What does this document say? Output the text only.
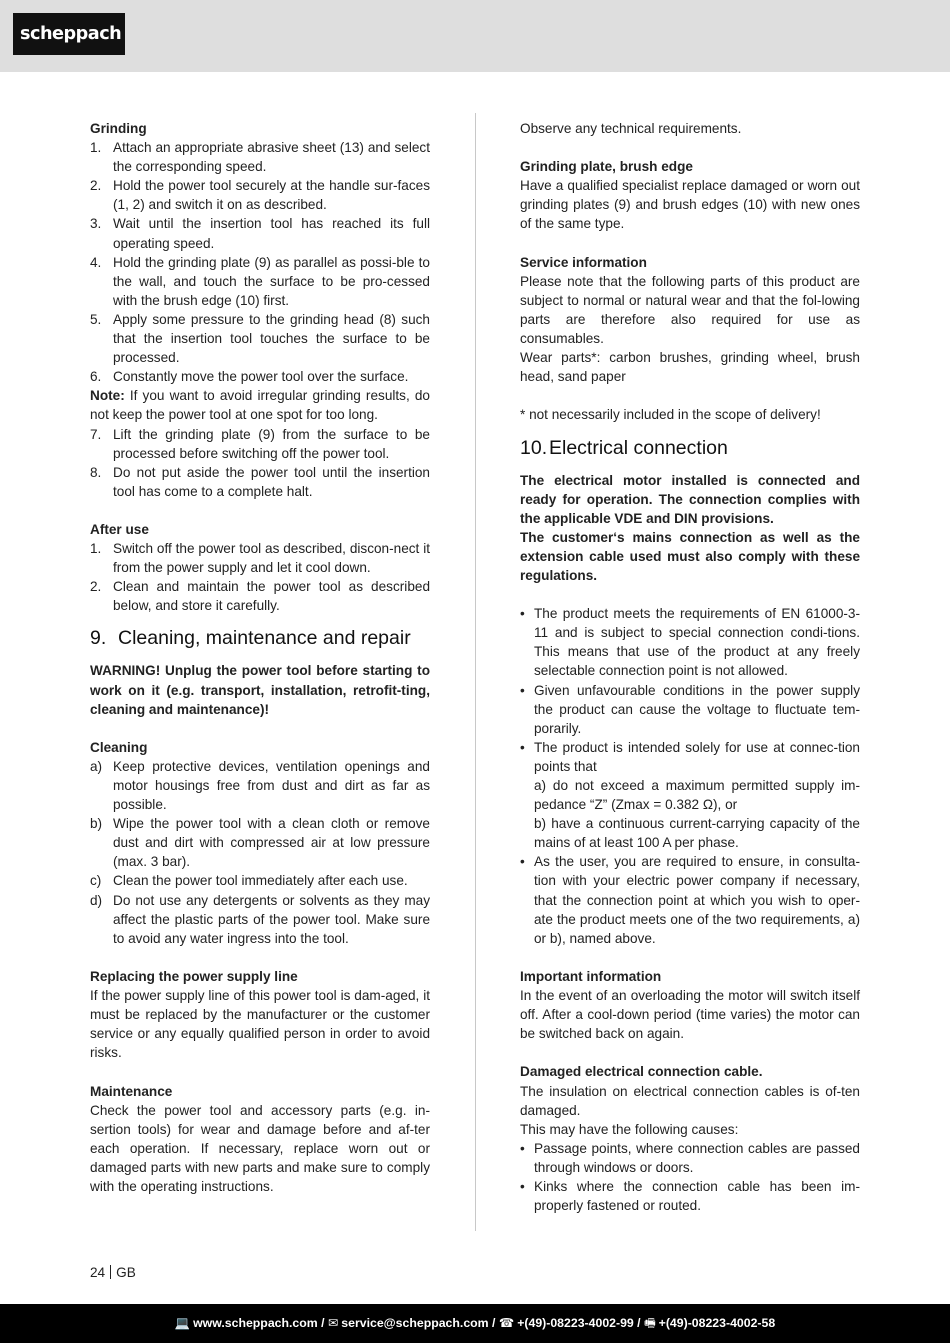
scheppach

Grinding

1. Attach an appropriate abrasive sheet (13) and select the corresponding speed.
2. Hold the power tool securely at the handle sur-faces (1, 2) and switch it on as described.
3. Wait until the insertion tool has reached its full operating speed.
4. Hold the grinding plate (9) as parallel as possi-ble to the wall, and touch the surface to be pro-cessed with the brush edge (10) first.
5. Apply some pressure to the grinding head (8) such that the insertion tool touches the surface to be processed.
6. Constantly move the power tool over the surface.

Note: If you want to avoid irregular grinding results, do not keep the power tool at one spot for too long.

7. Lift the grinding plate (9) from the surface to be processed before switching off the power tool.
8. Do not put aside the power tool until the insertion tool has come to a complete halt.

After use

1. Switch off the power tool as described, discon-nect it from the power supply and let it cool down.
2. Clean and maintain the power tool as described below, and store it carefully.

9. Cleaning, maintenance and repair

WARNING! Unplug the power tool before starting to work on it (e.g. transport, installation, retrofit-ting, cleaning and maintenance)!

Cleaning

a) Keep protective devices, ventilation openings and motor housings free from dust and dirt as far as possible.
b) Wipe the power tool with a clean cloth or remove dust and dirt with compressed air at low pressure (max. 3 bar).
c) Clean the power tool immediately after each use.
d) Do not use any detergents or solvents as they may affect the plastic parts of the power tool. Make sure to avoid any water ingress into the tool.

Replacing the power supply line

If the power supply line of this power tool is dam-aged, it must be replaced by the manufacturer or the customer service or any equally qualified person in order to avoid risks.

Maintenance

Check the power tool and accessory parts (e.g. in-sertion tools) for wear and damage before and af-ter each operation. If necessary, replace worn out or damaged parts with new parts and make sure to comply with the operating instructions.

Observe any technical requirements.

Grinding plate, brush edge

Have a qualified specialist replace damaged or worn out grinding plates (9) and brush edges (10) with new ones of the same type.

Service information

Please note that the following parts of this product are subject to normal or natural wear and that the fol-lowing parts are therefore also required for use as consumables.

Wear parts*: carbon brushes, grinding wheel, brush head, sand paper

* not necessarily included in the scope of delivery!

10.Electrical connection

The electrical motor installed is connected and ready for operation. The connection complies with the applicable VDE and DIN provisions.

The customer‘s mains connection as well as the extension cable used must also comply with these regulations.

• The product meets the requirements of EN 61000-3-11 and is subject to special connection condi-tions. This means that use of the product at any freely selectable connection point is not allowed.
• Given unfavourable conditions in the power supply the product can cause the voltage to fluctuate tem-porarily.
• The product is intended solely for use at connec-tion points that
a) do not exceed a maximum permitted supply im-pedance “Z” (Zmax = 0.382 Ω), or
b) have a continuous current-carrying capacity of the mains of at least 100 A per phase.
• As the user, you are required to ensure, in consulta-tion with your electric power company if necessary, that the connection point at which you wish to oper-ate the product meets one of the two requirements, a) or b), named above.

Important information

In the event of an overloading the motor will switch itself off. After a cool-down period (time varies) the motor can be switched back on again.

Damaged electrical connection cable.

The insulation on electrical connection cables is of-ten damaged.

This may have the following causes:

• Passage points, where connection cables are passed through windows or doors.
• Kinks where the connection cable has been im-properly fastened or routed.
24 GB
💻 www.scheppach.com / ✉ service@scheppach.com / ☎ +(49)-08223-4002-99 / 🖷 +(49)-08223-4002-58
